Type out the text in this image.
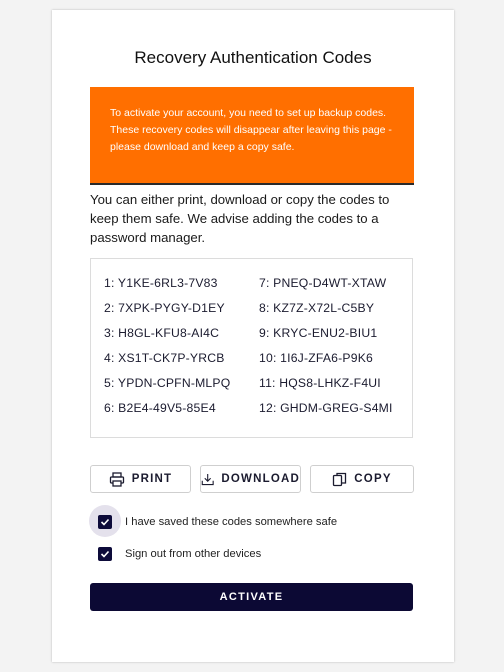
Recovery Authentication Codes
To activate your account, you need to set up backup codes. These recovery codes will disappear after leaving this page - please download and keep a copy safe.
You can either print, download or copy the codes to keep them safe. We advise adding the codes to a password manager.
1: Y1KE-6RL3-7V83
2: 7XPK-PYGY-D1EY
3: H8GL-KFU8-AI4C
4: XS1T-CK7P-YRCB
5: YPDN-CPFN-MLPQ
6: B2E4-49V5-85E4
7: PNEQ-D4WT-XTAW
8: KZ7Z-X72L-C5BY
9: KRYC-ENU2-BIU1
10: 1I6J-ZFA6-P9K6
11: HQS8-LHKZ-F4UI
12: GHDM-GREG-S4MI
PRINT	DOWNLOAD	COPY
I have saved these codes somewhere safe
Sign out from other devices
ACTIVATE
